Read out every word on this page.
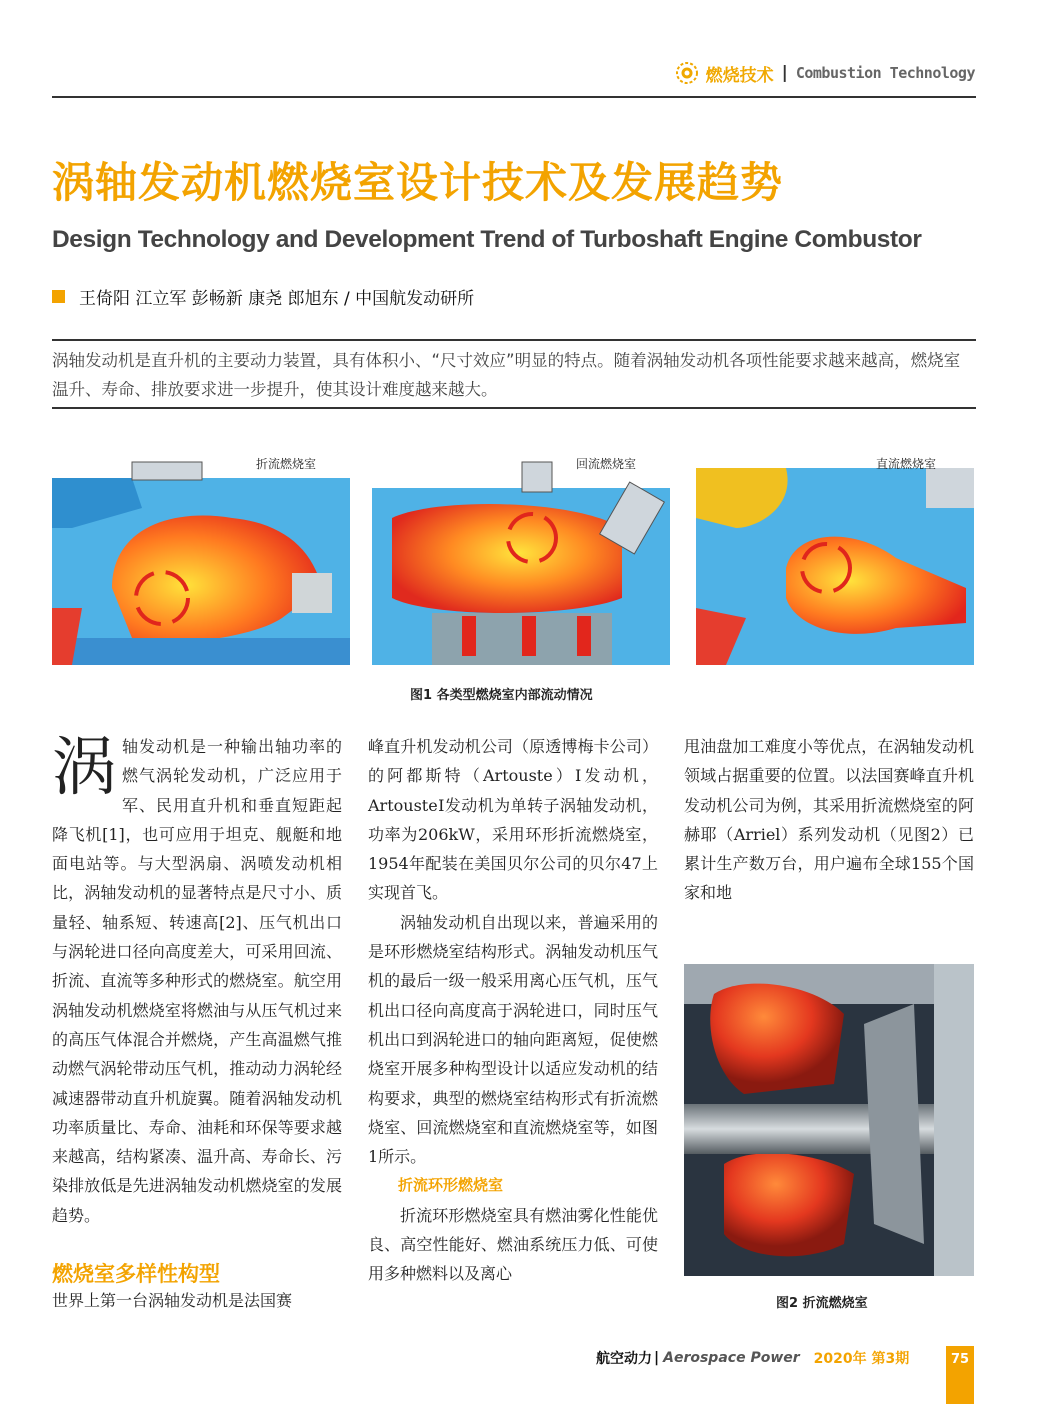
燃烧技术 | Combustion Technology
涡轴发动机燃烧室设计技术及发展趋势
Design Technology and Development Trend of Turboshaft Engine Combustor
王倚阳 江立军 彭畅新 康尧 郎旭东 / 中国航发动研所
涡轴发动机是直升机的主要动力装置，具有体积小、“尺寸效应”明显的特点。随着涡轴发动机各项性能要求越来越高，燃烧室温升、寿命、排放要求进一步提升，使其设计难度越来越大。
折流燃烧室	回流燃烧室	直流燃烧室
图1 各类型燃烧室内部流动情况

涡轴发动机是一种输出轴功率的燃气涡轮发动机，广泛应用于军、民用直升机和垂直短距起降飞机[1]，也可应用于坦克、舰艇和地面电站等。与大型涡扇、涡喷发动机相比，涡轴发动机的显著特点是尺寸小、质量轻、轴系短、转速高[2]、压气机出口与涡轮进口径向高度差大，可采用回流、折流、直流等多种形式的燃烧室。航空用涡轴发动机燃烧室将燃油与从压气机过来的高压气体混合并燃烧，产生高温燃气推动燃气涡轮带动压气机，推动动力涡轮经减速器带动直升机旋翼。随着涡轴发动机功率质量比、寿命、油耗和环保等要求越来越高，结构紧凑、温升高、寿命长、污染排放低是先进涡轴发动机燃烧室的发展趋势。

燃烧室多样性构型

世界上第一台涡轴发动机是法国赛

峰直升机发动机公司（原透博梅卡公司）的阿都斯特（Artouste）Ⅰ发动机，ArtousteⅠ发动机为单转子涡轴发动机，功率为206kW，采用环形折流燃烧室，1954年配装在美国贝尔公司的贝尔47上实现首飞。

涡轴发动机自出现以来，普遍采用的是环形燃烧室结构形式。涡轴发动机压气机的最后一级一般采用离心压气机，压气机出口径向高度高于涡轮进口，同时压气机出口到涡轮进口的轴向距离短，促使燃烧室开展多种构型设计以适应发动机的结构要求，典型的燃烧室结构形式有折流燃烧室、回流燃烧室和直流燃烧室等，如图1所示。

折流环形燃烧室

折流环形燃烧室具有燃油雾化性能优良、高空性能好、燃油系统压力低、可使用多种燃料以及离心

甩油盘加工难度小等优点，在涡轴发动机领域占据重要的位置。以法国赛峰直升机发动机公司为例，其采用折流燃烧室的阿赫耶（Arriel）系列发动机（见图2）已累计生产数万台，用户遍布全球155个国家和地

图2 折流燃烧室
航空动力 | Aerospace Power 2020年 第3期	75
